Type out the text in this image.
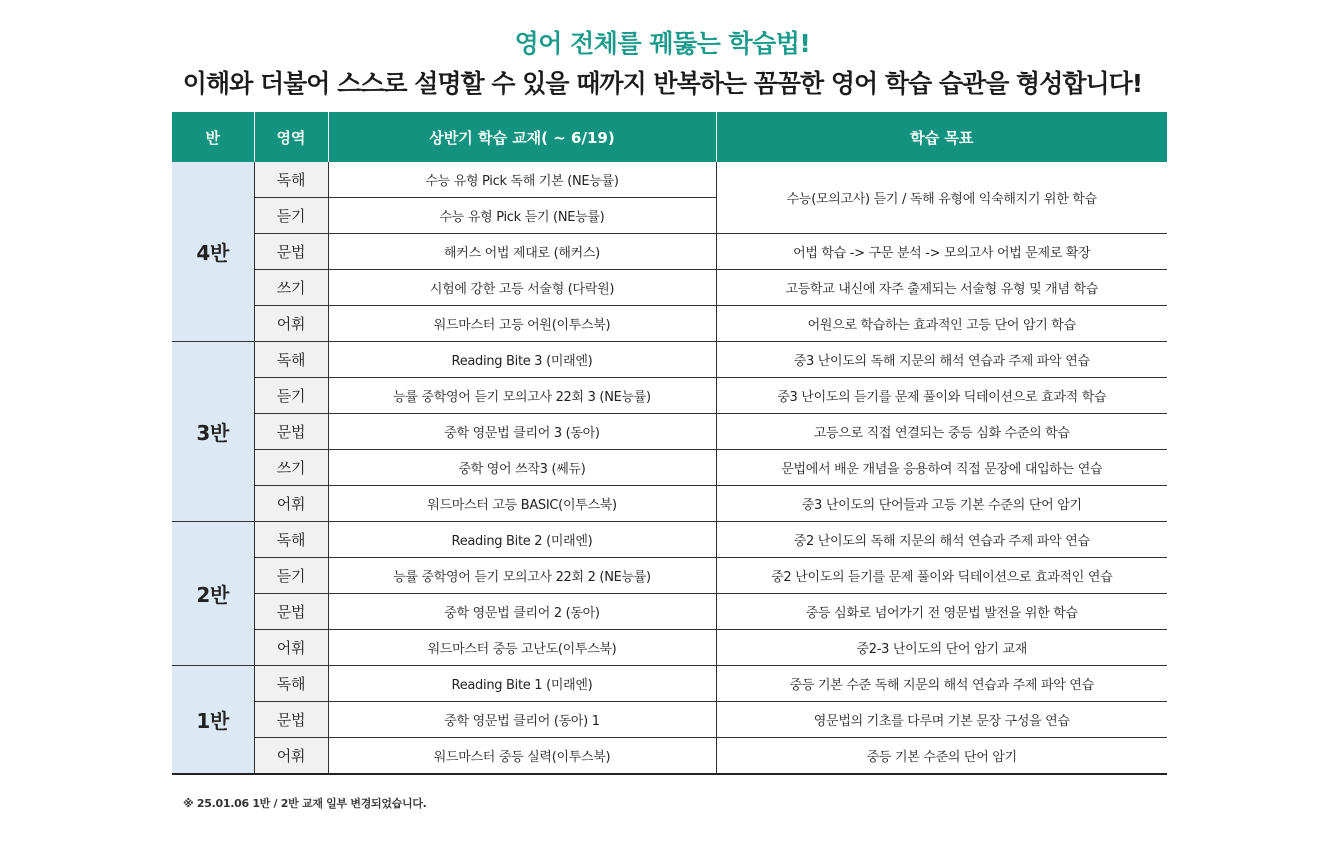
영어 전체를 꿰뚫는 학습법!
이해와 더불어 스스로 설명할 수 있을 때까지 반복하는 꼼꼼한 영어 학습 습관을 형성합니다!
반	영역	상반기 학습 교재( ~ 6/19)	학습 목표
4반	독해	수능 유형 Pick 독해 기본 (NE능률)	수능(모의고사) 듣기 / 독해 유형에 익숙해지기 위한 학습
	듣기	수능 유형 Pick 듣기 (NE능률)	
	문법	해커스 어법 제대로 (해커스)	어법 학습 -> 구문 분석 -> 모의고사 어법 문제로 확장
	쓰기	시험에 강한 고등 서술형 (다락원)	고등학교 내신에 자주 출제되는 서술형 유형 및 개념 학습
	어휘	워드마스터 고등 어원(이투스북)	어원으로 학습하는 효과적인 고등 단어 암기 학습
3반	독해	Reading Bite 3 (미래엔)	중3 난이도의 독해 지문의 해석 연습과 주제 파악 연습
	듣기	능률 중학영어 듣기 모의고사 22회 3 (NE능률)	중3 난이도의 듣기를 문제 풀이와 딕테이션으로 효과적 학습
	문법	중학 영문법 클리어 3 (동아)	고등으로 직접 연결되는 중등 심화 수준의 학습
	쓰기	중학 영어 쓰작3 (쎄듀)	문법에서 배운 개념을 응용하여 직접 문장에 대입하는 연습
	어휘	워드마스터 고등 BASIC(이투스북)	중3 난이도의 단어들과 고등 기본 수준의 단어 암기
2반	독해	Reading Bite 2 (미래엔)	중2 난이도의 독해 지문의 해석 연습과 주제 파악 연습
	듣기	능률 중학영어 듣기 모의고사 22회 2 (NE능률)	중2 난이도의 듣기를 문제 풀이와 딕테이션으로 효과적인 연습
	문법	중학 영문법 클리어 2 (동아)	중등 심화로 넘어가기 전 영문법 발전을 위한 학습
	어휘	워드마스터 중등 고난도(이투스북)	중2-3 난이도의 단어 암기 교재
1반	독해	Reading Bite 1 (미래엔)	중등 기본 수준 독해 지문의 해석 연습과 주제 파악 연습
	문법	중학 영문법 클리어 (동아) 1	영문법의 기초를 다루며 기본 문장 구성을 연습
	어휘	워드마스터 중등 실력(이투스북)	중등 기본 수준의 단어 암기
※ 25.01.06 1반 / 2반 교재 일부 변경되었습니다.
